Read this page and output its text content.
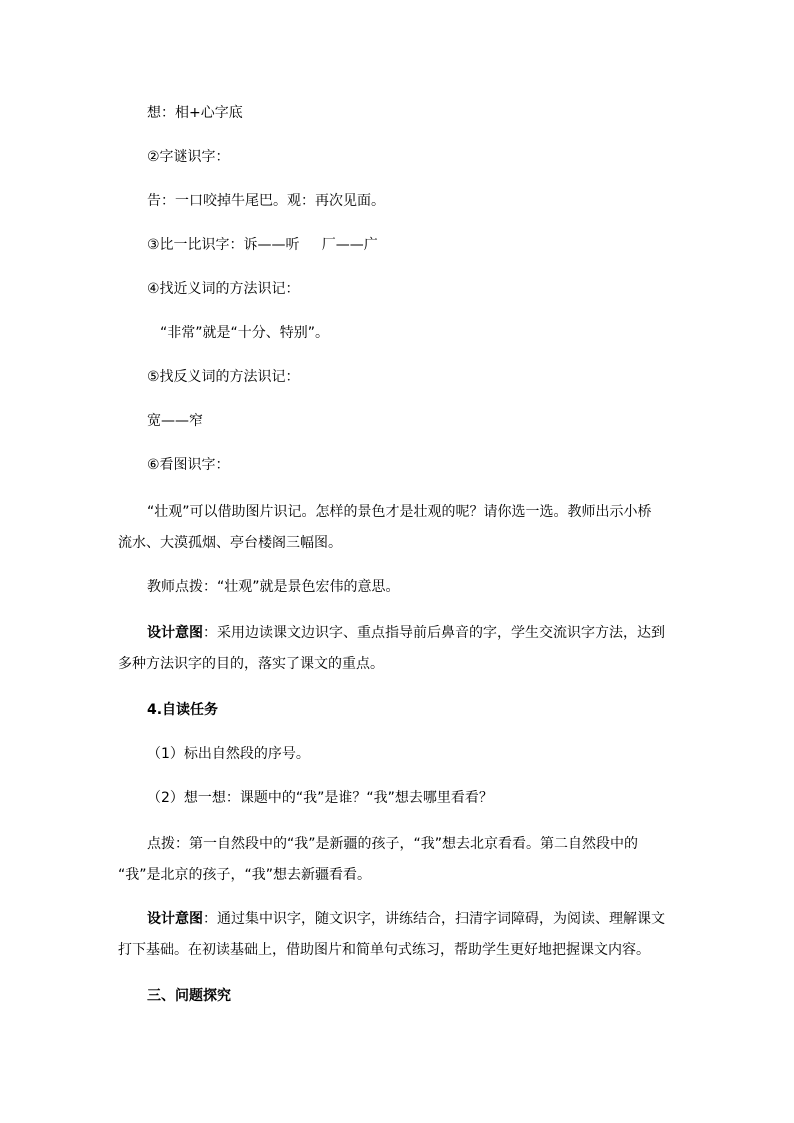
想：相+心字底
②字谜识字：
告：一口咬掉牛尾巴。观：再次见面。
③比一比识字：诉——听     厂——广
④找近义词的方法识记：
“非常”就是“十分、特别”。
⑤找反义词的方法识记：
宽——窄
⑥看图识字：
“壮观”可以借助图片识记。怎样的景色才是壮观的呢？请你选一选。教师出示小桥
流水、大漠孤烟、亭台楼阁三幅图。
教师点拨：“壮观”就是景色宏伟的意思。
设计意图：采用边读课文边识字、重点指导前后鼻音的字，学生交流识字方法，达到
多种方法识字的目的，落实了课文的重点。
4.自读任务
（1）标出自然段的序号。
（2）想一想：课题中的“我”是谁？“我”想去哪里看看？
点拨：第一自然段中的“我”是新疆的孩子，“我”想去北京看看。第二自然段中的
“我”是北京的孩子，“我”想去新疆看看。
设计意图：通过集中识字，随文识字，讲练结合，扫清字词障碍，为阅读、理解课文
打下基础。在初读基础上，借助图片和简单句式练习，帮助学生更好地把握课文内容。
三、问题探究
